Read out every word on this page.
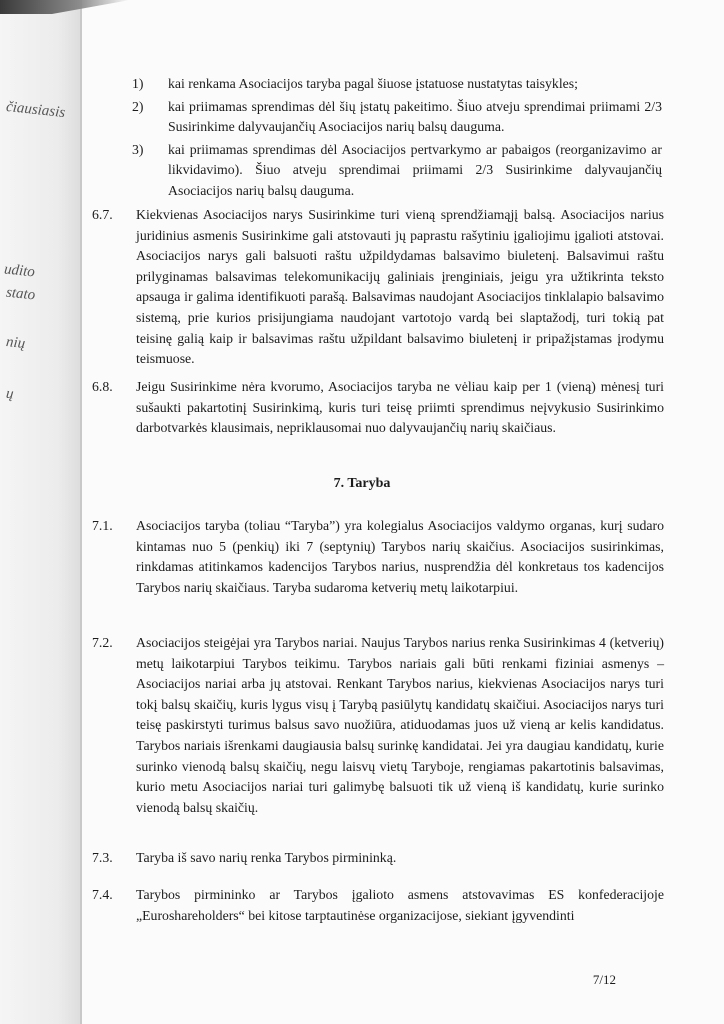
čiausiasis
udito
stato
nių
ų
1)	kai renkama Asociacijos taryba pagal šiuose įstatuose nustatytas taisykles;
2)	kai priimamas sprendimas dėl šių įstatų pakeitimo. Šiuo atveju sprendimai priimami 2/3 Susirinkime dalyvaujančių Asociacijos narių balsų dauguma.
3)	kai priimamas sprendimas dėl Asociacijos pertvarkymo ar pabaigos (reorganizavimo ar likvidavimo). Šiuo atveju sprendimai priimami 2/3 Susirinkime dalyvaujančių Asociacijos narių balsų dauguma.
6.7.	Kiekvienas Asociacijos narys Susirinkime turi vieną sprendžiamąjį balsą. Asociacijos narius juridinius asmenis Susirinkime gali atstovauti jų paprastu rašytiniu įgaliojimu įgalioti atstovai. Asociacijos narys gali balsuoti raštu užpildydamas balsavimo biuletenį. Balsavimui raštu prilyginamas balsavimas telekomunikacijų galiniais įrenginiais, jeigu yra užtikrinta teksto apsauga ir galima identifikuoti parašą. Balsavimas naudojant Asociacijos tinklalapio balsavimo sistemą, prie kurios prisijungiama naudojant vartotojo vardą bei slaptažodį, turi tokią pat teisinę galią kaip ir balsavimas raštu užpildant balsavimo biuletenį ir pripažįstamas įrodymu teismuose.
6.8.	Jeigu Susirinkime nėra kvorumo, Asociacijos taryba ne vėliau kaip per 1 (vieną) mėnesį turi sušaukti pakartotinį Susirinkimą, kuris turi teisę priimti sprendimus neįvykusio Susirinkimo darbotvarkės klausimais, nepriklausomai nuo dalyvaujančių narių skaičiaus.
7. Taryba
7.1.	Asociacijos taryba (toliau “Taryba”) yra kolegialus Asociacijos valdymo organas, kurį sudaro kintamas nuo 5 (penkių) iki 7 (septynių) Tarybos narių skaičius. Asociacijos susirinkimas, rinkdamas atitinkamos kadencijos Tarybos narius, nusprendžia dėl konkretaus tos kadencijos Tarybos narių skaičiaus. Taryba sudaroma ketverių metų laikotarpiui.
7.2.	Asociacijos steigėjai yra Tarybos nariai. Naujus Tarybos narius renka Susirinkimas 4 (ketverių) metų laikotarpiui Tarybos teikimu. Tarybos nariais gali būti renkami fiziniai asmenys – Asociacijos nariai arba jų atstovai. Renkant Tarybos narius, kiekvienas Asociacijos narys turi tokį balsų skaičių, kuris lygus visų į Tarybą pasiūlytų kandidatų skaičiui. Asociacijos narys turi teisę paskirstyti turimus balsus savo nuožiūra, atiduodamas juos už vieną ar kelis kandidatus. Tarybos nariais išrenkami daugiausia balsų surinkę kandidatai. Jei yra daugiau kandidatų, kurie surinko vienodą balsų skaičių, negu laisvų vietų Taryboje, rengiamas pakartotinis balsavimas, kurio metu Asociacijos nariai turi galimybę balsuoti tik už vieną iš kandidatų, kurie surinko vienodą balsų skaičių.
7.3.	Taryba iš savo narių renka Tarybos pirmininką.
7.4.	Tarybos pirmininko ar Tarybos įgalioto asmens atstovavimas ES konfederacijoje „Euroshareholders“ bei kitose tarptautinėse organizacijose, siekiant įgyvendinti
7/12
